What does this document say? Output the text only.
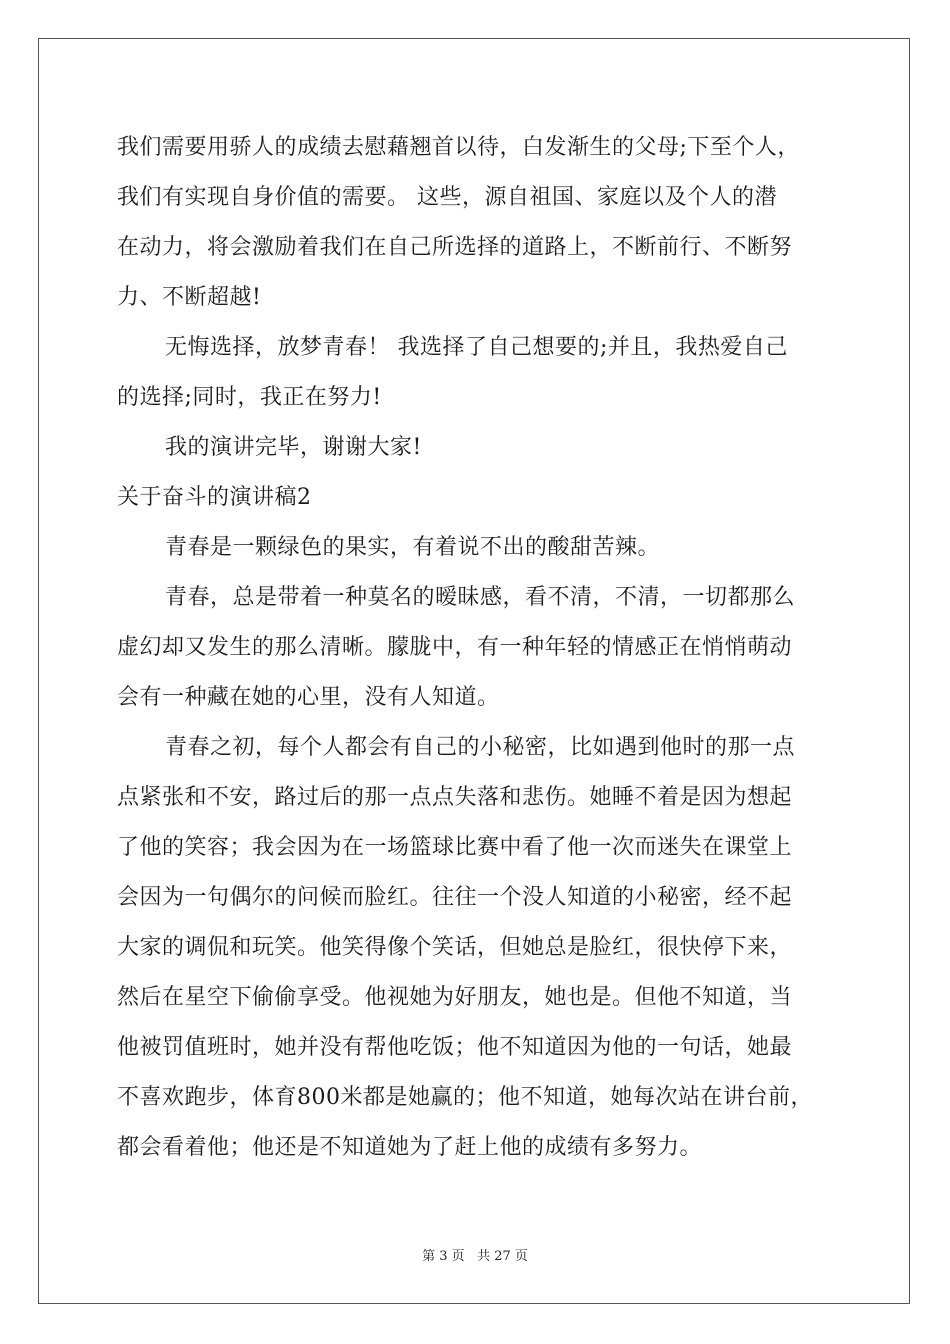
我们需要用骄人的成绩去慰藉翘首以待，白发渐生的父母;下至个人，
我们有实现自身价值的需要。 这些，源自祖国、家庭以及个人的潜
在动力，将会激励着我们在自己所选择的道路上，不断前行、不断努
力、不断超越!
无悔选择，放梦青春！ 我选择了自己想要的;并且，我热爱自己
的选择;同时，我正在努力!
我的演讲完毕，谢谢大家!
关于奋斗的演讲稿2
青春是一颗绿色的果实，有着说不出的酸甜苦辣。
青春，总是带着一种莫名的暧昧感，看不清，不清，一切都那么
虚幻却又发生的那么清晰。朦胧中，有一种年轻的情感正在悄悄萌动
会有一种藏在她的心里，没有人知道。
青春之初，每个人都会有自己的小秘密，比如遇到他时的那一点
点紧张和不安，路过后的那一点点失落和悲伤。她睡不着是因为想起
了他的笑容；我会因为在一场篮球比赛中看了他一次而迷失在课堂上
会因为一句偶尔的问候而脸红。往往一个没人知道的小秘密，经不起
大家的调侃和玩笑。他笑得像个笑话，但她总是脸红，很快停下来，
然后在星空下偷偷享受。他视她为好朋友，她也是。但他不知道，当
他被罚值班时，她并没有帮他吃饭；他不知道因为他的一句话，她最
不喜欢跑步，体育800米都是她赢的；他不知道，她每次站在讲台前，
都会看着他；他还是不知道她为了赶上他的成绩有多努力。
第 3 页 共 27 页
